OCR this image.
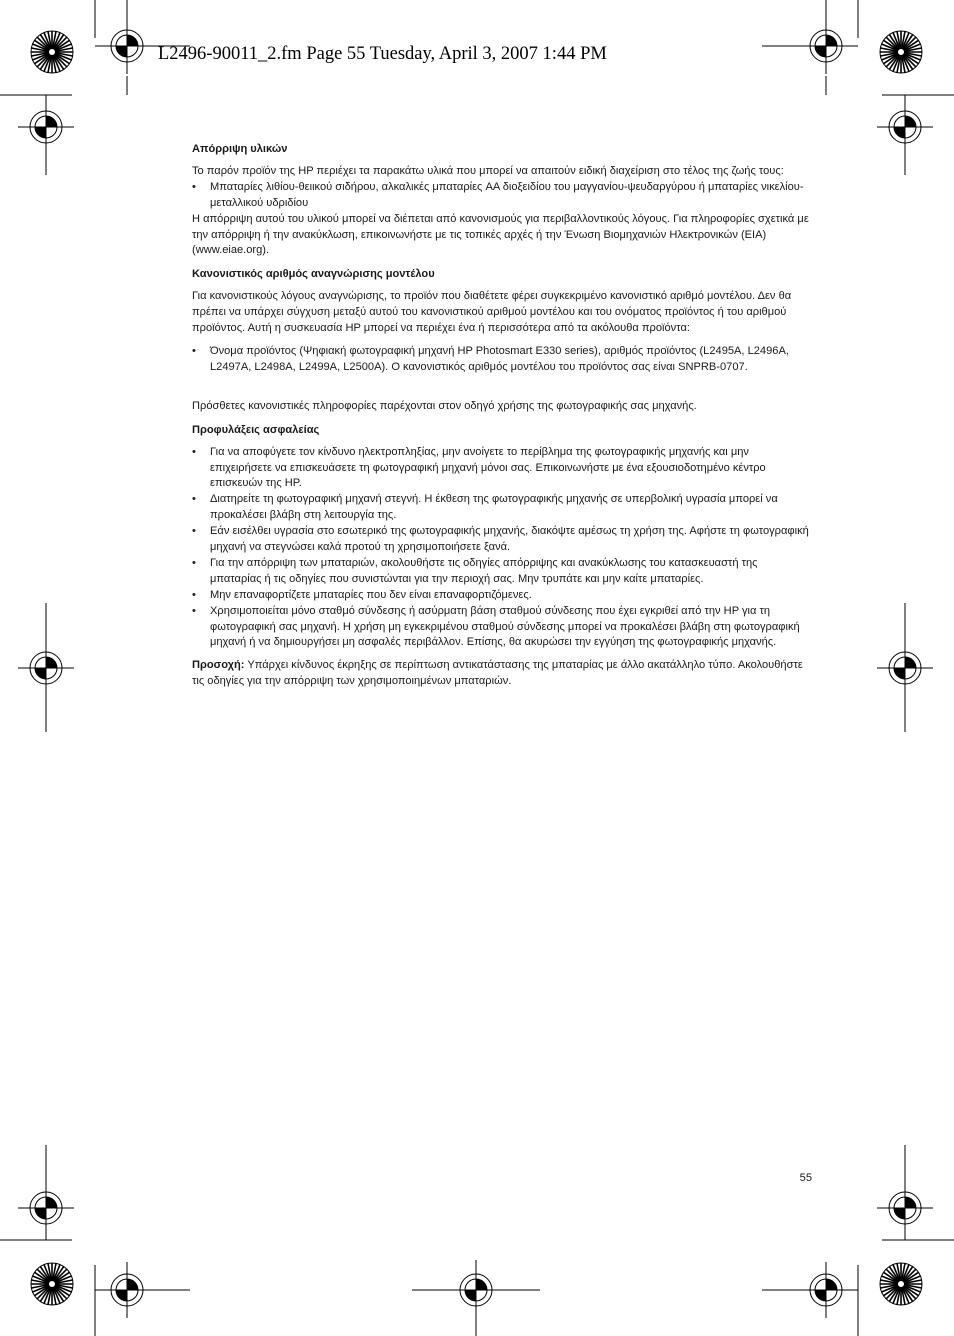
L2496-90011_2.fm Page 55 Tuesday, April 3, 2007 1:44 PM
Απόρριψη υλικών

Το παρόν προϊόν της HP περιέχει τα παρακάτω υλικά που μπορεί να απαιτούν ειδική διαχείριση στο τέλος της ζωής τους:

• Μπαταρίες λιθίου-θειικού σιδήρου, αλκαλικές μπαταρίες AA διοξειδίου του μαγγανίου-ψευδαργύρου ή μπαταρίες νικελίου-μεταλλικού υδριδίου

Η απόρριψη αυτού του υλικού μπορεί να διέπεται από κανονισμούς για περιβαλλοντικούς λόγους. Για πληροφορίες σχετικά με την απόρριψη ή την ανακύκλωση, επικοινωνήστε με τις τοπικές αρχές ή την Ένωση Βιομηχανιών Ηλεκτρονικών (EIA) (www.eiae.org).

Κανονιστικός αριθμός αναγνώρισης μοντέλου

Για κανονιστικούς λόγους αναγνώρισης, το προϊόν που διαθέτετε φέρει συγκεκριμένο κανονιστικό αριθμό μοντέλου. Δεν θα πρέπει να υπάρχει σύγχυση μεταξύ αυτού του κανονιστικού αριθμού μοντέλου και του ονόματος προϊόντος ή του αριθμού προϊόντος. Αυτή η συσκευασία HP μπορεί να περιέχει ένα ή περισσότερα από τα ακόλουθα προϊόντα:

• Όνομα προϊόντος (Ψηφιακή φωτογραφική μηχανή HP Photosmart E330 series), αριθμός προϊόντος (L2495A, L2496A, L2497A, L2498A, L2499A, L2500A). Ο κανονιστικός αριθμός μοντέλου του προϊόντος σας είναι SNPRB-0707.

Πρόσθετες κανονιστικές πληροφορίες παρέχονται στον οδηγό χρήσης της φωτογραφικής σας μηχανής.

Προφυλάξεις ασφαλείας
• Για να αποφύγετε τον κίνδυνο ηλεκτροπληξίας, μην ανοίγετε το περίβλημα της φωτογραφικής μηχανής και μην επιχειρήσετε να επισκευάσετε τη φωτογραφική μηχανή μόνοι σας. Επικοινωνήστε με ένα εξουσιοδοτημένο κέντρο επισκευών της HP.
• Διατηρείτε τη φωτογραφική μηχανή στεγνή. Η έκθεση της φωτογραφικής μηχανής σε υπερβολική υγρασία μπορεί να προκαλέσει βλάβη στη λειτουργία της.
• Εάν εισέλθει υγρασία στο εσωτερικό της φωτογραφικής μηχανής, διακόψτε αμέσως τη χρήση της. Αφήστε τη φωτογραφική μηχανή να στεγνώσει καλά προτού τη χρησιμοποιήσετε ξανά.
• Για την απόρριψη των μπαταριών, ακολουθήστε τις οδηγίες απόρριψης και ανακύκλωσης του κατασκευαστή της μπαταρίας ή τις οδηγίες που συνιστώνται για την περιοχή σας. Μην τρυπάτε και μην καίτε μπαταρίες.
• Μην επαναφορτίζετε μπαταρίες που δεν είναι επαναφορτιζόμενες.
• Χρησιμοποιείται μόνο σταθμό σύνδεσης ή ασύρματη βάση σταθμού σύνδεσης που έχει εγκριθεί από την HP για τη φωτογραφική σας μηχανή. Η χρήση μη εγκεκριμένου σταθμού σύνδεσης μπορεί να προκαλέσει βλάβη στη φωτογραφική μηχανή ή να δημιουργήσει μη ασφαλές περιβάλλον. Επίσης, θα ακυρώσει την εγγύηση της φωτογραφικής μηχανής.

Προσοχή: Υπάρχει κίνδυνος έκρηξης σε περίπτωση αντικατάστασης της μπαταρίας με άλλο ακατάλληλο τύπο. Ακολουθήστε τις οδηγίες για την απόρριψη των χρησιμοποιημένων μπαταριών.

55
